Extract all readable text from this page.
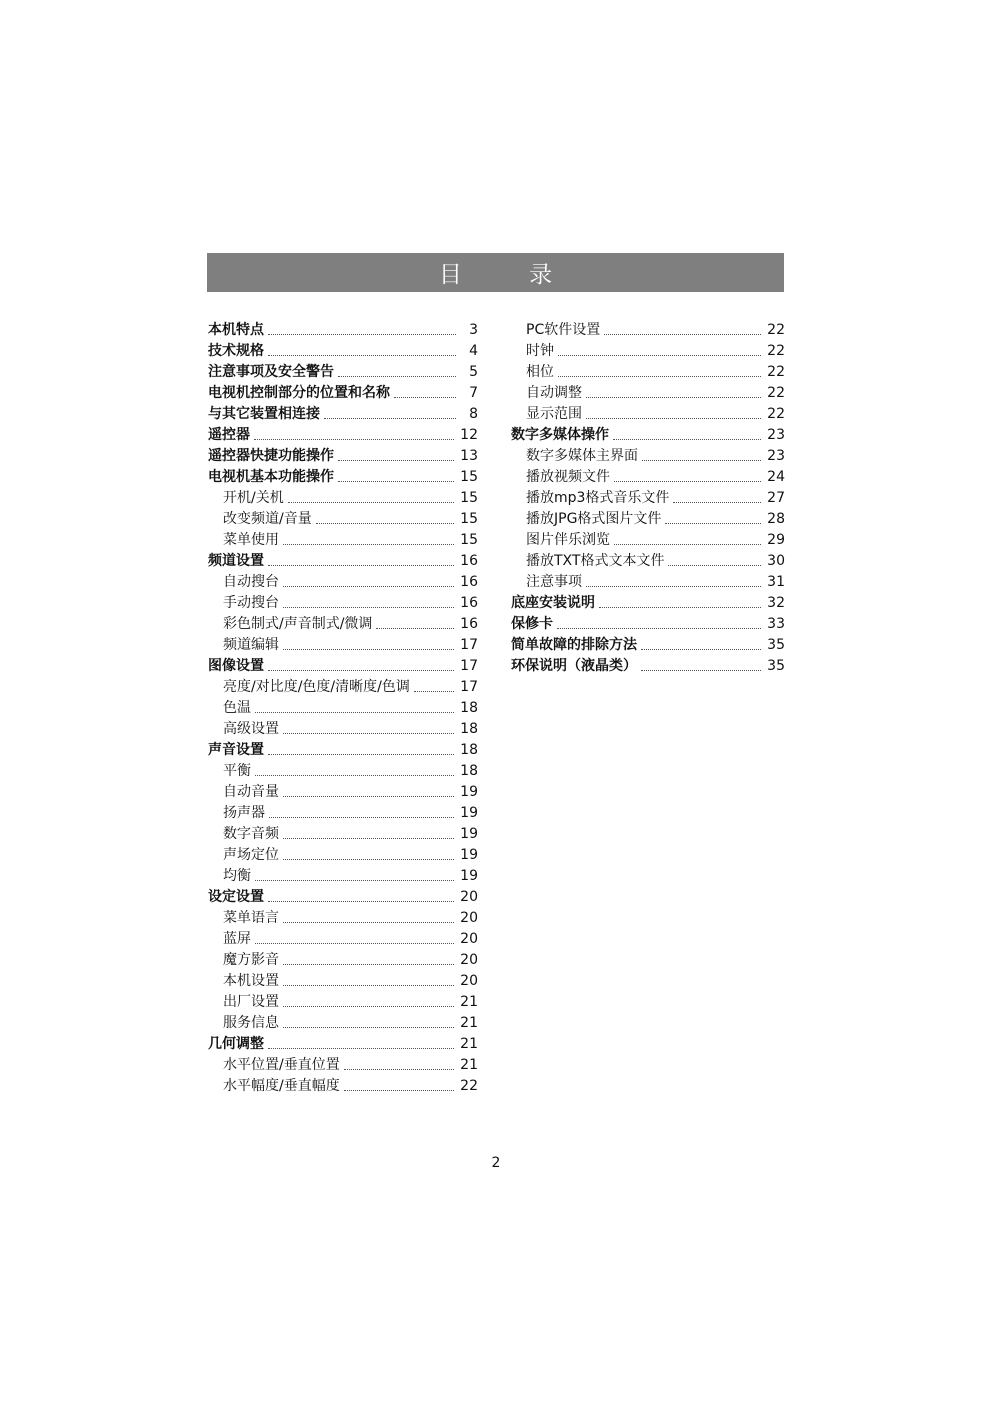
目 录
本机特点	3
技术规格	4
注意事项及安全警告	5
电视机控制部分的位置和名称	7
与其它装置相连接	8
遥控器	12
遥控器快捷功能操作	13
电视机基本功能操作	15
开机/关机	15
改变频道/音量	15
菜单使用	15
频道设置	16
自动搜台	16
手动搜台	16
彩色制式/声音制式/微调	16
频道编辑	17
图像设置	17
亮度/对比度/色度/清晰度/色调	17
色温	18
高级设置	18
声音设置	18
平衡	18
自动音量	19
扬声器	19
数字音频	19
声场定位	19
均衡	19
设定设置	20
菜单语言	20
蓝屏	20
魔方影音	20
本机设置	20
出厂设置	21
服务信息	21
几何调整	21
水平位置/垂直位置	21
水平幅度/垂直幅度	22
PC软件设置	22
时钟	22
相位	22
自动调整	22
显示范围	22
数字多媒体操作	23
数字多媒体主界面	23
播放视频文件	24
播放mp3格式音乐文件	27
播放JPG格式图片文件	28
图片伴乐浏览	29
播放TXT格式文本文件	30
注意事项	31
底座安装说明	32
保修卡	33
简单故障的排除方法	35
环保说明（液晶类）	35
2
